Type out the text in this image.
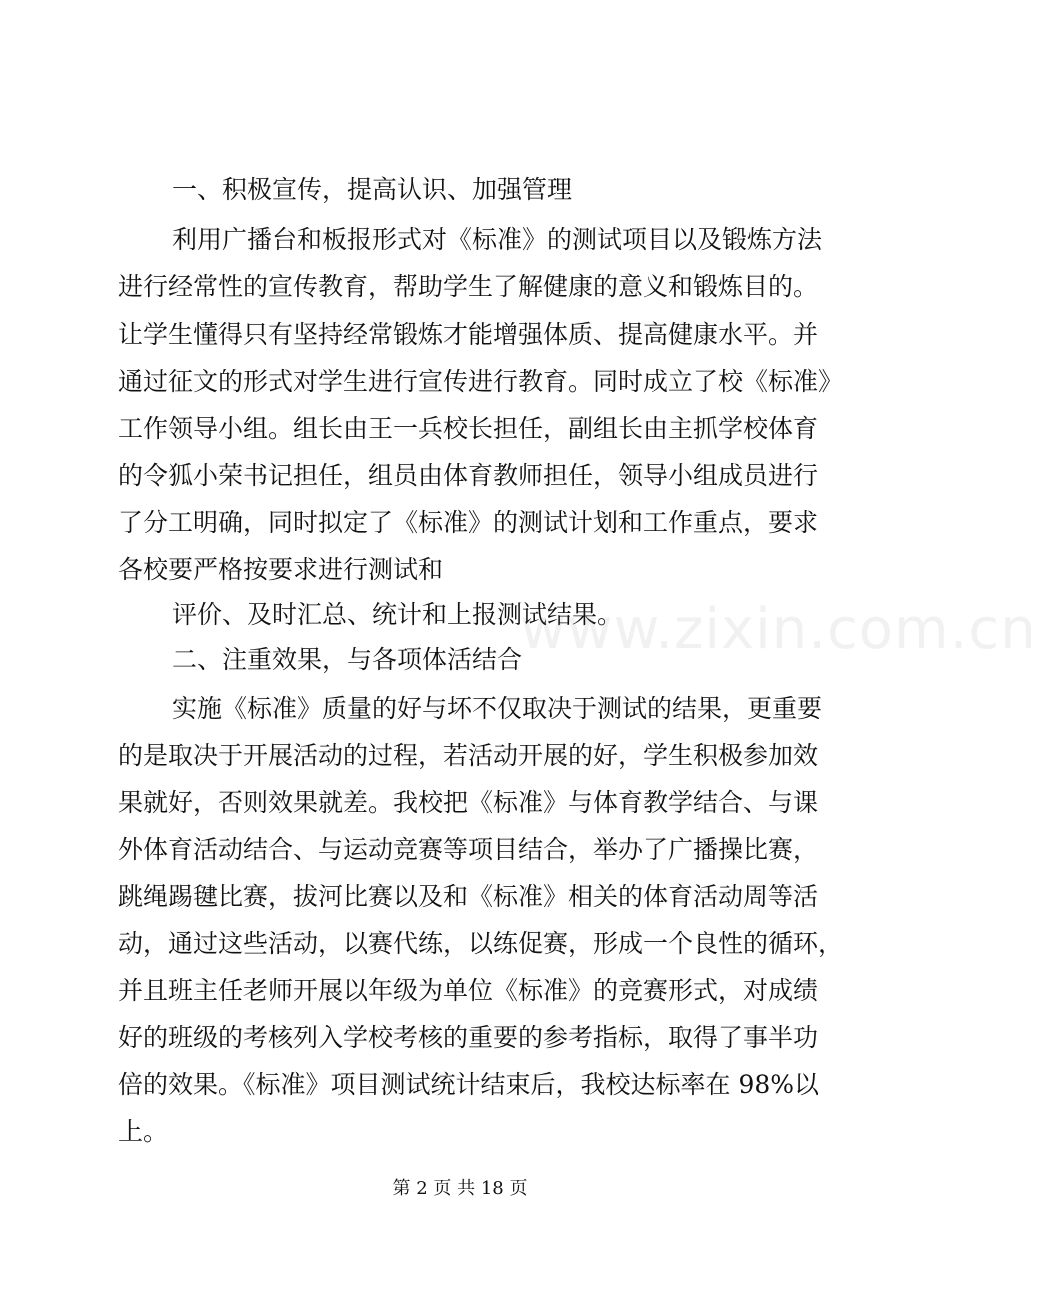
一、积极宣传，提高认识、加强管理
利用广播台和板报形式对《标准》的测试项目以及锻炼方法
进行经常性的宣传教育，帮助学生了解健康的意义和锻炼目的。
让学生懂得只有坚持经常锻炼才能增强体质、提高健康水平。并
通过征文的形式对学生进行宣传进行教育。同时成立了校《标准》
工作领导小组。组长由王一兵校长担任，副组长由主抓学校体育
的令狐小荣书记担任，组员由体育教师担任，领导小组成员进行
了分工明确，同时拟定了《标准》的测试计划和工作重点，要求
各校要严格按要求进行测试和
评价、及时汇总、统计和上报测试结果。
二、注重效果，与各项体活结合
实施《标准》质量的好与坏不仅取决于测试的结果，更重要
的是取决于开展活动的过程，若活动开展的好，学生积极参加效
果就好，否则效果就差。我校把《标准》与体育教学结合、与课
外体育活动结合、与运动竞赛等项目结合，举办了广播操比赛，
跳绳踢毽比赛，拔河比赛以及和《标准》相关的体育活动周等活
动，通过这些活动，以赛代练，以练促赛，形成一个良性的循环，
并且班主任老师开展以年级为单位《标准》的竞赛形式，对成绩
好的班级的考核列入学校考核的重要的参考指标，取得了事半功
倍的效果。《标准》项目测试统计结束后，我校达标率在 98%以
上。
www.zixin.com.cn
第 2 页 共 18 页
